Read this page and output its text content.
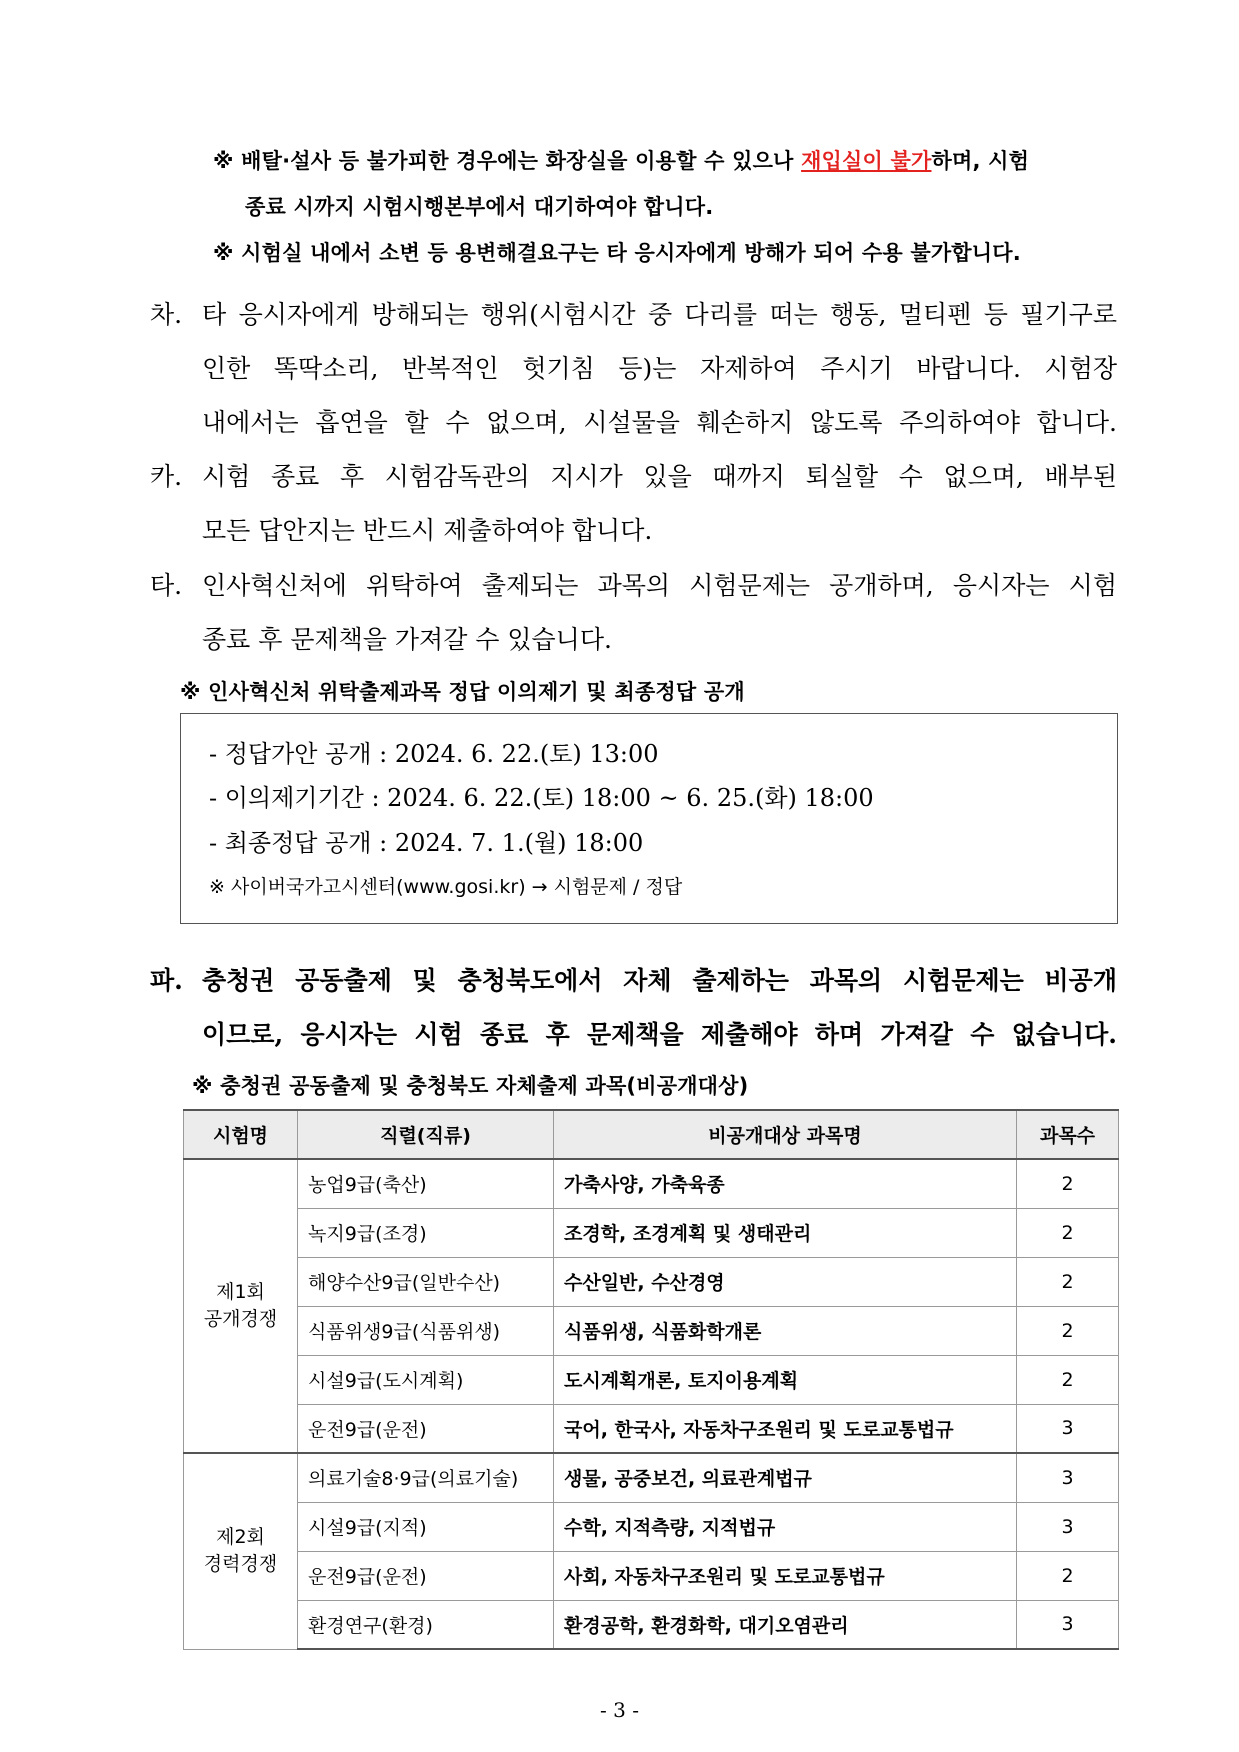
※ 배탈·설사 등 불가피한 경우에는 화장실을 이용할 수 있으나 재입실이 불가하며, 시험
종료 시까지 시험시행본부에서 대기하여야 합니다.
※ 시험실 내에서 소변 등 용변해결요구는 타 응시자에게 방해가 되어 수용 불가합니다.
차. 타 응시자에게 방해되는 행위(시험시간 중 다리를 떠는 행동, 멀티펜 등 필기구로
인한 똑딱소리, 반복적인 헛기침 등)는 자제하여 주시기 바랍니다. 시험장
내에서는 흡연을 할 수 없으며, 시설물을 훼손하지 않도록 주의하여야 합니다.
카. 시험 종료 후 시험감독관의 지시가 있을 때까지 퇴실할 수 없으며, 배부된
모든 답안지는 반드시 제출하여야 합니다.
타. 인사혁신처에 위탁하여 출제되는 과목의 시험문제는 공개하며, 응시자는 시험
종료 후 문제책을 가져갈 수 있습니다.
※ 인사혁신처 위탁출제과목 정답 이의제기 및 최종정답 공개
- 정답가안 공개 : 2024. 6. 22.(토) 13:00
- 이의제기기간 : 2024. 6. 22.(토) 18:00 ~ 6. 25.(화) 18:00
- 최종정답 공개 : 2024. 7. 1.(월) 18:00
※ 사이버국가고시센터(www.gosi.kr) → 시험문제 / 정답
파. 충청권 공동출제 및 충청북도에서 자체 출제하는 과목의 시험문제는 비공개
이므로, 응시자는 시험 종료 후 문제책을 제출해야 하며 가져갈 수 없습니다.
※ 충청권 공동출제 및 충청북도 자체출제 과목(비공개대상)
시험명	직렬(직류)	비공개대상 과목명	과목수
제1회
공개경쟁	농업9급(축산)	가축사양, 가축육종	2
	녹지9급(조경)	조경학, 조경계획 및 생태관리	2
	해양수산9급(일반수산)	수산일반, 수산경영	2
	식품위생9급(식품위생)	식품위생, 식품화학개론	2
	시설9급(도시계획)	도시계획개론, 토지이용계획	2
	운전9급(운전)	국어, 한국사, 자동차구조원리 및 도로교통법규	3
제2회
경력경쟁	의료기술8·9급(의료기술)	생물, 공중보건, 의료관계법규	3
	시설9급(지적)	수학, 지적측량, 지적법규	3
	운전9급(운전)	사회, 자동차구조원리 및 도로교통법규	2
	환경연구(환경)	환경공학, 환경화학, 대기오염관리	3
- 3 -
